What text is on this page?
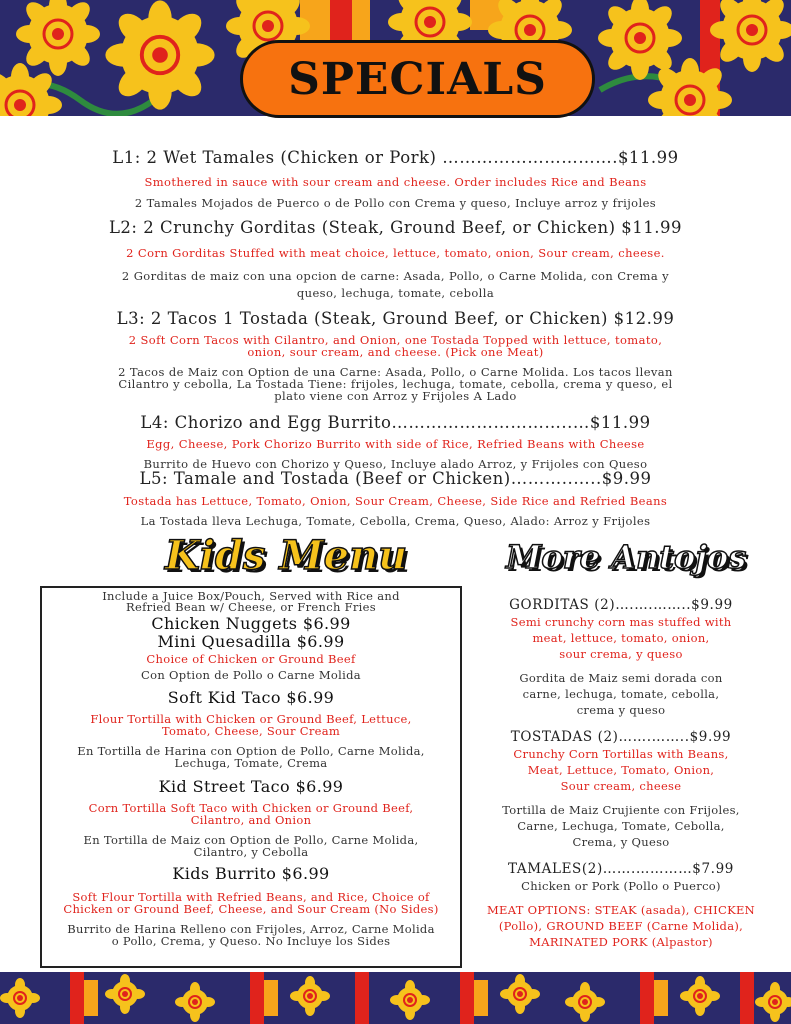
SPECIALS
L1: 2 Wet Tamales (Chicken or Pork) ………………………….$11.99
Smothered in sauce with sour cream and cheese. Order includes Rice and Beans
2 Tamales Mojados de Puerco o de Pollo con Crema y queso, Incluye arroz y frijoles
L2: 2 Crunchy Gorditas (Steak, Ground Beef, or Chicken) $11.99
2 Corn Gorditas Stuffed with meat choice, lettuce, tomato, onion, Sour cream, cheese.
2 Gorditas de maiz con una opcion de carne: Asada, Pollo, o Carne Molida, con Crema y
queso, lechuga, tomate, cebolla
L3: 2 Tacos 1 Tostada (Steak, Ground Beef, or Chicken) $12.99
2 Soft Corn Tacos with Cilantro, and Onion, one Tostada Topped with lettuce, tomato,
onion, sour cream, and cheese. (Pick one Meat)
2 Tacos de Maiz con Option de una Carne: Asada, Pollo, o Carne Molida. Los tacos llevan
Cilantro y cebolla, La Tostada Tiene: frijoles, lechuga, tomate, cebolla, crema y queso, el
plato viene con Arroz y Frijoles A Lado
L4: Chorizo and Egg Burrito…………………………..…$11.99
Egg, Cheese, Pork Chorizo Burrito with side of Rice, Refried Beans with Cheese
Burrito de Huevo con Chorizo y Queso, Incluye alado Arroz, y Frijoles con Queso
L5: Tamale and Tostada (Beef or Chicken)………..…..$9.99
Tostada has Lettuce, Tomato, Onion, Sour Cream, Cheese, Side Rice and Refried Beans
La Tostada lleva Lechuga, Tomate, Cebolla, Crema, Queso, Alado: Arroz y Frijoles
Kids Menu	More Antojos
Include a Juice Box/Pouch, Served with Rice and
Refried Bean w/ Cheese, or French Fries
Chicken Nuggets $6.99
Mini Quesadilla $6.99
Choice of Chicken or Ground Beef
Con Option de Pollo o Carne Molida
Soft Kid Taco $6.99
Flour Tortilla with Chicken or Ground Beef, Lettuce,
Tomato, Cheese, Sour Cream
En Tortilla de Harina con Option de Pollo, Carne Molida,
Lechuga, Tomate, Crema
Kid Street Taco $6.99
Corn Tortilla Soft Taco with Chicken or Ground Beef,
Cilantro, and Onion
En Tortilla de Maiz con Option de Pollo, Carne Molida,
Cilantro, y Cebolla
Kids Burrito $6.99
Soft Flour Tortilla with Refried Beans, and Rice, Choice of
Chicken or Ground Beef, Cheese, and Sour Cream (No Sides)
Burrito de Harina Relleno con Frijoles, Arroz, Carne Molida
o Pollo, Crema, y Queso. No Incluye los Sides
GORDITAS (2)….….……..$9.99
Semi crunchy corn mas stuffed with
meat, lettuce, tomato, onion,
sour crema, y queso
Gordita de Maiz semi dorada con
carne, lechuga, tomate, cebolla,
crema y queso
TOSTADAS (2)…….……..$9.99
Crunchy Corn Tortillas with Beans,
Meat, Lettuce, Tomato, Onion,
Sour cream, cheese
Tortilla de Maiz Crujiente con Frijoles,
Carne, Lechuga, Tomate, Cebolla,
Crema, y Queso
TAMALES(2)…….…………$7.99
Chicken or Pork (Pollo o Puerco)
MEAT OPTIONS: STEAK (asada), CHICKEN
(Pollo), GROUND BEEF (Carne Molida),
MARINATED PORK (Alpastor)
